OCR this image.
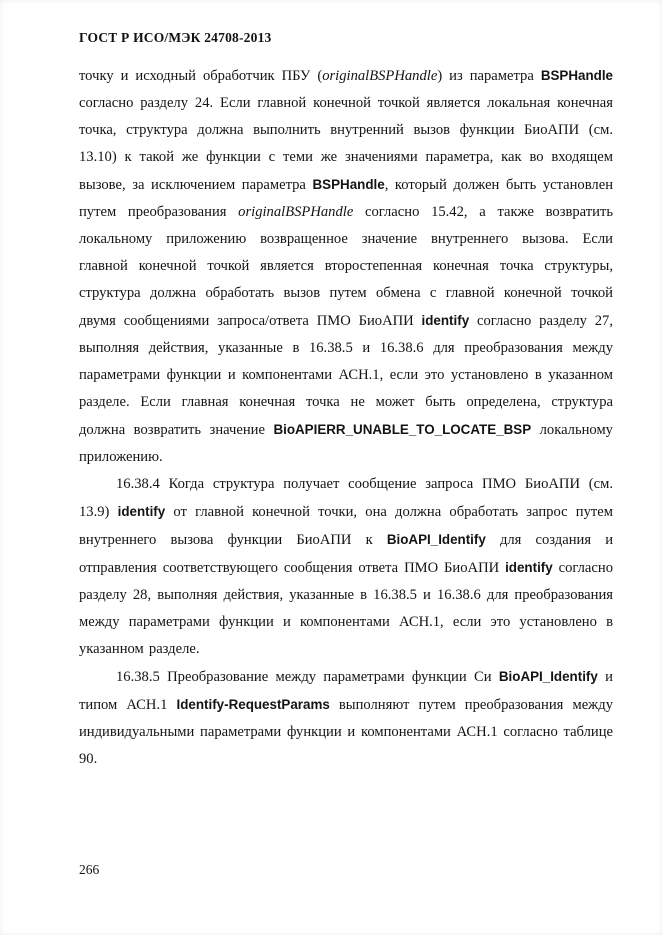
ГОСТ Р ИСО/МЭК 24708-2013

точку и исходный обработчик ПБУ (originalBSPHandle) из параметра BSPHandle согласно разделу 24. Если главной конечной точкой является локальная конечная точка, структура должна выполнить внутренний вызов функции БиоАПИ (см. 13.10) к такой же функции с теми же значениями параметра, как во входящем вызове, за исключением параметра BSPHandle, который должен быть установлен путем преобразования originalBSPHandle согласно 15.42, а также возвратить локальному приложению возвращенное значение внутреннего вызова. Если главной конечной точкой является второстепенная конечная точка структуры, структура должна обработать вызов путем обмена с главной конечной точкой двумя сообщениями запроса/ответа ПМО БиоАПИ identify согласно разделу 27, выполняя действия, указанные в 16.38.5 и 16.38.6 для преобразования между параметрами функции и компонентами АСН.1, если это установлено в указанном разделе. Если главная конечная точка не может быть определена, структура должна возвратить значение BioAPIERR_UNABLE_TO_LOCATE_BSP локальному приложению.

16.38.4 Когда структура получает сообщение запроса ПМО БиоАПИ (см. 13.9) identify от главной конечной точки, она должна обработать запрос путем внутреннего вызова функции БиоАПИ к BioAPI_Identify для создания и отправления соответствующего сообщения ответа ПМО БиоАПИ identify согласно разделу 28, выполняя действия, указанные в 16.38.5 и 16.38.6 для преобразования между параметрами функции и компонентами АСН.1, если это установлено в указанном разделе.

16.38.5 Преобразование между параметрами функции Си BioAPI_Identify и типом АСН.1 Identify-RequestParams выполняют путем преобразования между индивидуальными параметрами функции и компонентами АСН.1 согласно таблице 90.

266
